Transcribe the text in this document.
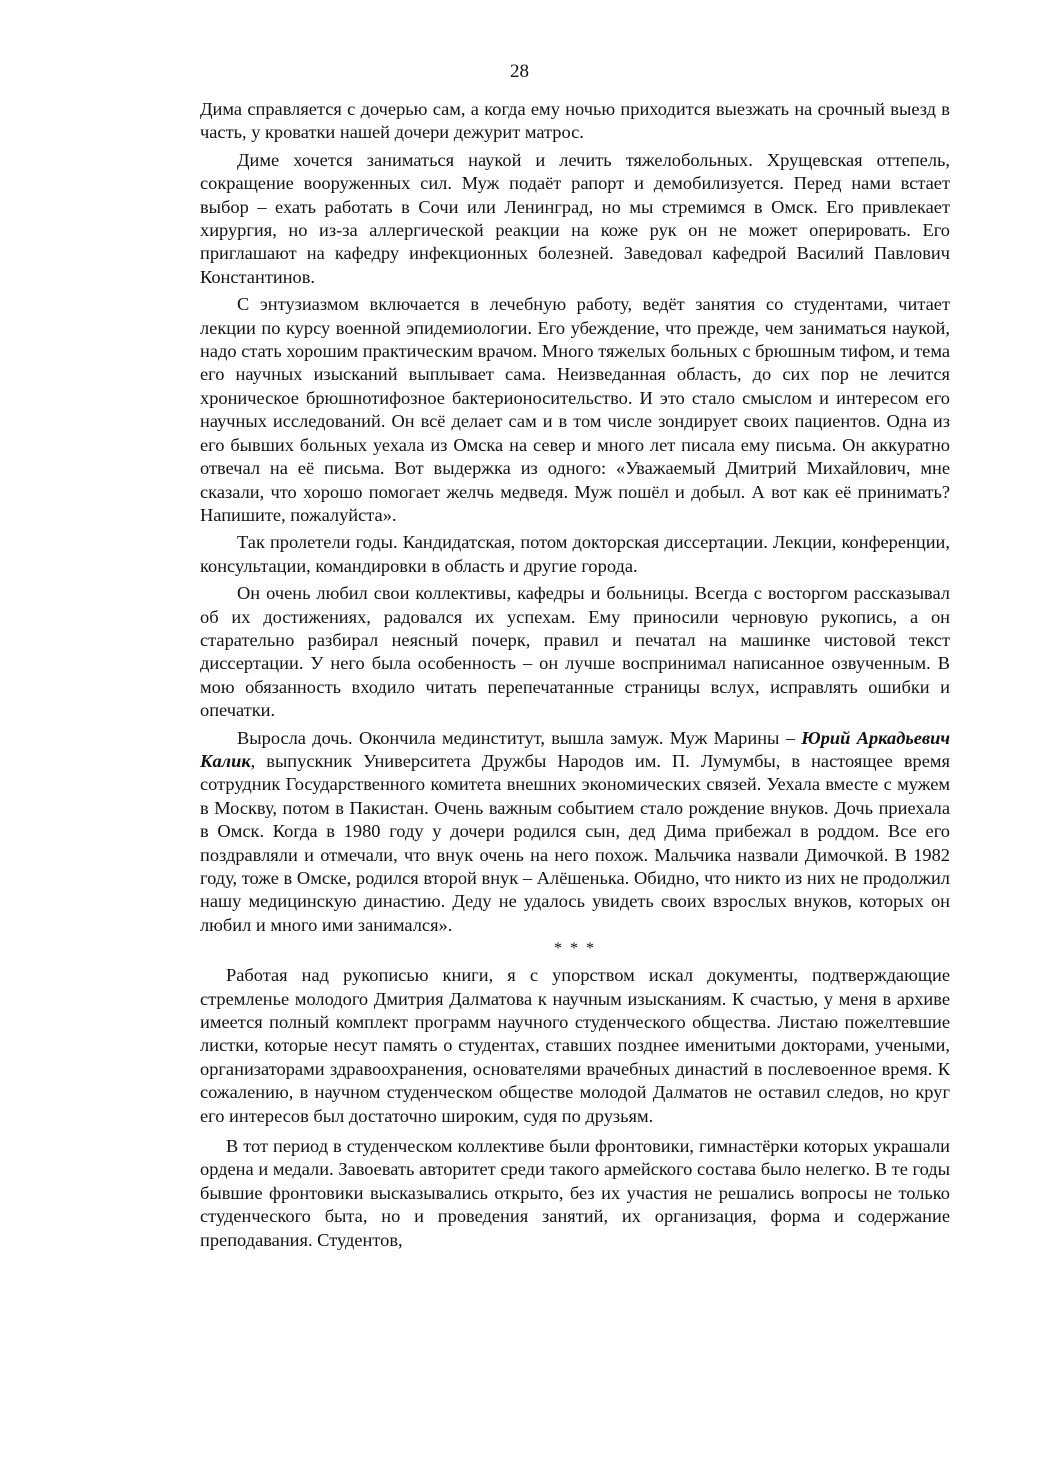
28

Дима справляется с дочерью сам, а когда ему ночью приходится выезжать на срочный выезд в часть, у кроватки нашей дочери дежурит матрос.

Диме хочется заниматься наукой и лечить тяжелобольных. Хрущевская оттепель, сокращение вооруженных сил. Муж подаёт рапорт и демобилизуется. Перед нами встает выбор – ехать работать в Сочи или Ленинград, но мы стремимся в Омск. Его привлекает хирургия, но из-за аллергической реакции на коже рук он не может оперировать. Его приглашают на кафедру инфекционных болезней. Заведовал кафедрой Василий Павлович Константинов.

С энтузиазмом включается в лечебную работу, ведёт занятия со студентами, читает лекции по курсу военной эпидемиологии. Его убеждение, что прежде, чем заниматься наукой, надо стать хорошим практическим врачом. Много тяжелых больных с брюшным тифом, и тема его научных изысканий выплывает сама. Неизведанная область, до сих пор не лечится хроническое брюшнотифозное бактерионосительство. И это стало смыслом и интересом его научных исследований. Он всё делает сам и в том числе зондирует своих пациентов. Одна из его бывших больных уехала из Омска на север и много лет писала ему письма. Он аккуратно отвечал на её письма. Вот выдержка из одного: «Уважаемый Дмитрий Михайлович, мне сказали, что хорошо помогает желчь медведя. Муж пошёл и добыл. А вот как её принимать? Напишите, пожалуйста».

Так пролетели годы. Кандидатская, потом докторская диссертации. Лекции, конференции, консультации, командировки в область и другие города.

Он очень любил свои коллективы, кафедры и больницы. Всегда с восторгом рассказывал об их достижениях, радовался их успехам. Ему приносили черновую рукопись, а он старательно разбирал неясный почерк, правил и печатал на машинке чистовой текст диссертации. У него была особенность – он лучше воспринимал написанное озвученным. В мою обязанность входило читать перепечатанные страницы вслух, исправлять ошибки и опечатки.

Выросла дочь. Окончила мединститут, вышла замуж. Муж Марины – Юрий Аркадьевич Калик, выпускник Университета Дружбы Народов им. П. Лумумбы, в настоящее время сотрудник Государственного комитета внешних экономических связей. Уехала вместе с мужем в Москву, потом в Пакистан. Очень важным событием стало рождение внуков. Дочь приехала в Омск. Когда в 1980 году у дочери родился сын, дед Дима прибежал в роддом. Все его поздравляли и отмечали, что внук очень на него похож. Мальчика назвали Димочкой. В 1982 году, тоже в Омске, родился второй внук – Алёшенька. Обидно, что никто из них не продолжил нашу медицинскую династию. Деду не удалось увидеть своих взрослых внуков, которых он любил и много ими занимался».

* * *

Работая над рукописью книги, я с упорством искал документы, подтверждающие стремленье молодого Дмитрия Далматова к научным изысканиям. К счастью, у меня в архиве имеется полный комплект программ научного студенческого общества. Листаю пожелтевшие листки, которые несут память о студентах, ставших позднее именитыми докторами, учеными, организаторами здравоохранения, основателями врачебных династий в послевоенное время. К сожалению, в научном студенческом обществе молодой Далматов не оставил следов, но круг его интересов был достаточно широким, судя по друзьям.

В тот период в студенческом коллективе были фронтовики, гимнастёрки которых украшали ордена и медали. Завоевать авторитет среди такого армейского состава было нелегко. В те годы бывшие фронтовики высказывались открыто, без их участия не решались вопросы не только студенческого быта, но и проведения занятий, их организация, форма и содержание преподавания. Студентов,
